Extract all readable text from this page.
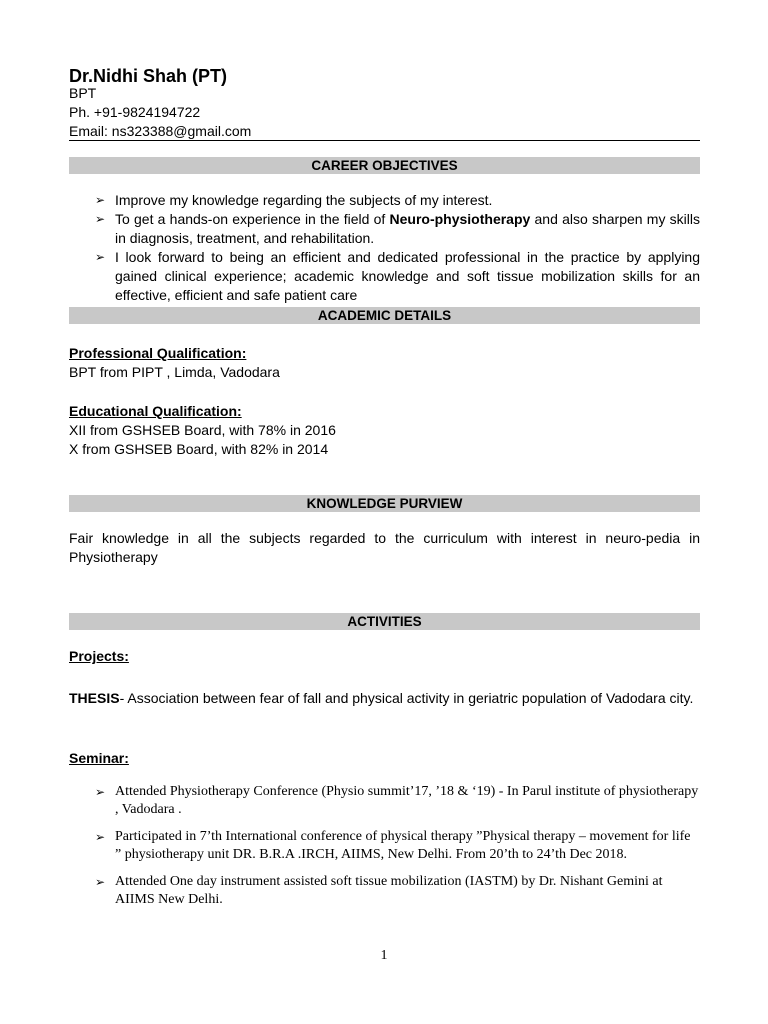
Dr.Nidhi Shah (PT)
BPT
Ph. +91-9824194722
Email: ns323388@gmail.com
CAREER OBJECTIVES
➢ Improve my knowledge regarding the subjects of my interest.
➢ To get a hands-on experience in the field of Neuro-physiotherapy and also sharpen my skills in diagnosis, treatment, and rehabilitation.
➢ I look forward to being an efficient and dedicated professional in the practice by applying gained clinical experience; academic knowledge and soft tissue mobilization skills for an effective, efficient and safe patient care
ACADEMIC DETAILS
Professional Qualification:
BPT from PIPT , Limda, Vadodara
Educational Qualification:
XII from GSHSEB Board, with 78% in 2016
X from GSHSEB Board, with 82% in 2014
KNOWLEDGE PURVIEW
Fair knowledge in all the subjects regarded to the curriculum with interest in neuro-pedia in Physiotherapy
ACTIVITIES
Projects:
THESIS- Association between fear of fall and physical activity in geriatric population of Vadodara city.
Seminar:
➢ Attended Physiotherapy Conference (Physio summit’17, ’18 & ‘19) - In Parul institute of physiotherapy , Vadodara .
➢ Participated in 7’th International conference of physical therapy ”Physical therapy – movement for life ” physiotherapy unit DR. B.R.A .IRCH, AIIMS, New Delhi. From 20’th to 24’th Dec 2018.
➢ Attended One day instrument assisted soft tissue mobilization (IASTM) by Dr. Nishant Gemini at AIIMS New Delhi.
1
